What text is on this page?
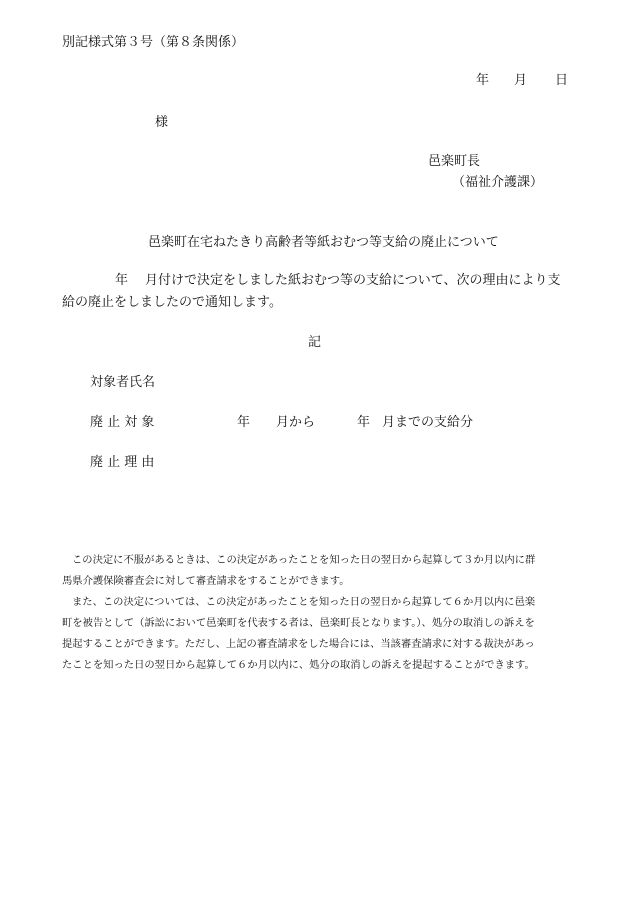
別記様式第３号（第８条関係）
年 月 日
様
邑楽町長
（福祉介護課）
邑楽町在宅ねたきり高齢者等紙おむつ等支給の廃止について
年 月付けで決定をしました紙おむつ等の支給について、次の理由により支
給の廃止をしましたので通知します。
記
対象者氏名
廃 止 対 象	年 月から	年 月までの支給分
廃 止 理 由

この決定に不服があるときは、この決定があったことを知った日の翌日から起算して３か月以内に群

馬県介護保険審査会に対して審査請求をすることができます。

また、この決定については、この決定があったことを知った日の翌日から起算して６か月以内に邑楽

町を被告として（訴訟において邑楽町を代表する者は、邑楽町長となります。）、処分の取消しの訴えを

提起することができます。ただし、上記の審査請求をした場合には、当該審査請求に対する裁決があっ

たことを知った日の翌日から起算して６か月以内に、処分の取消しの訴えを提起することができます。
